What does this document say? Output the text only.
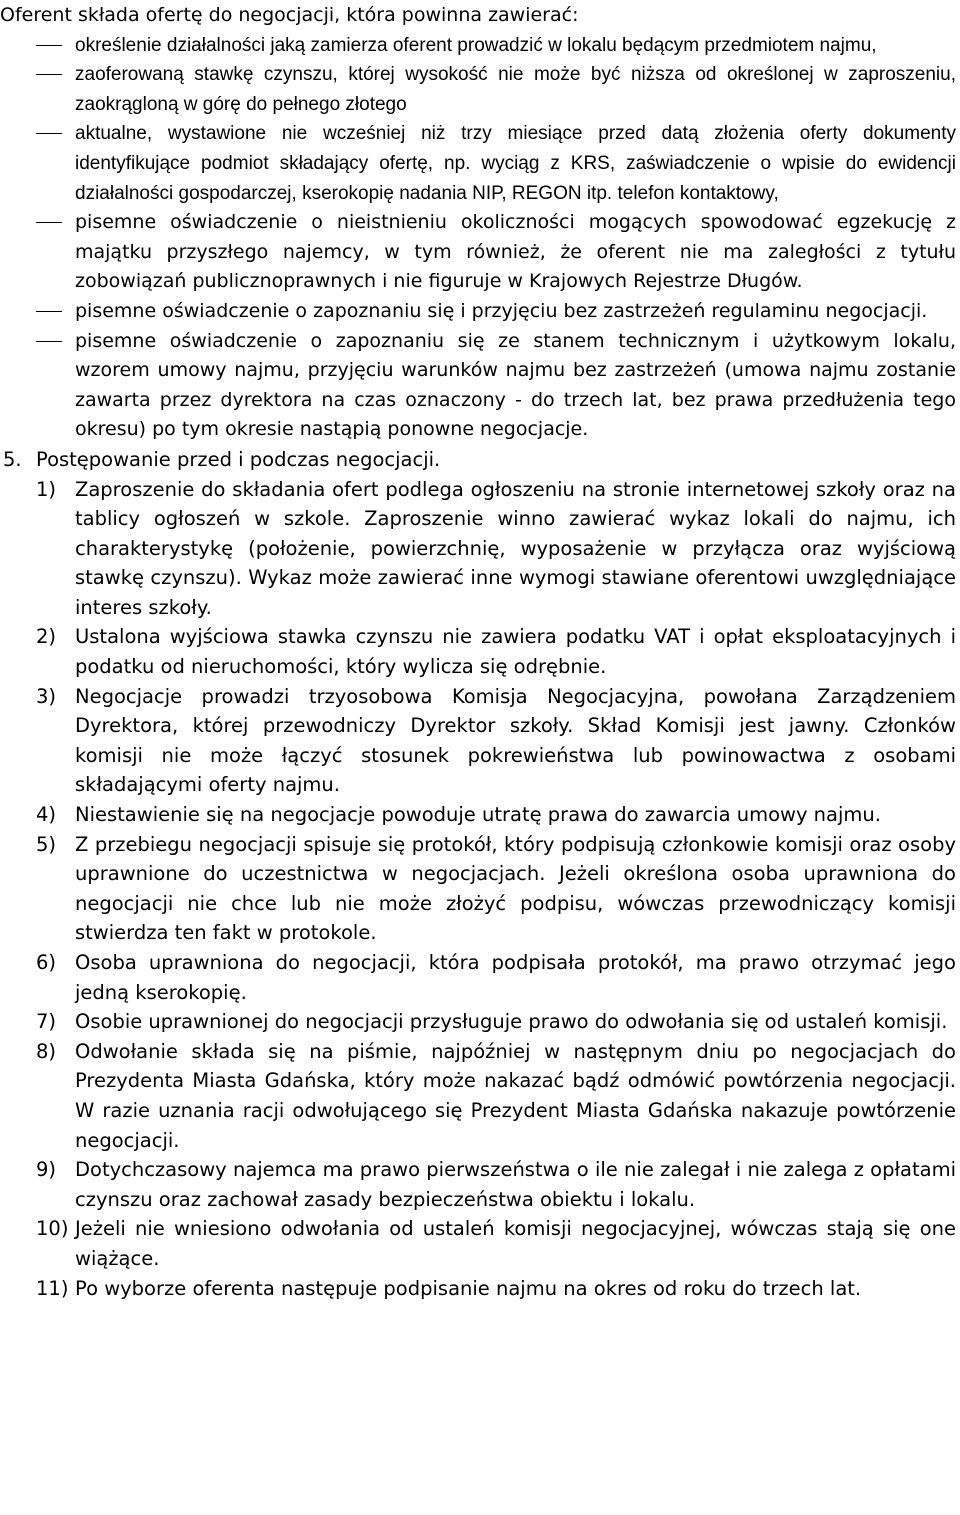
Oferent składa ofertę do negocjacji, która powinna zawierać:

określenie działalności jaką zamierza oferent prowadzić w lokalu będącym przedmiotem najmu,
zaoferowaną stawkę czynszu, której wysokość nie może być niższa od określonej w zaproszeniu, zaokrągloną w górę do pełnego złotego
aktualne, wystawione nie wcześniej niż trzy miesiące przed datą złożenia oferty dokumenty identyfikujące podmiot składający ofertę, np. wyciąg z KRS, zaświadczenie o wpisie do ewidencji działalności gospodarczej, kserokopię nadania NIP, REGON itp. telefon kontaktowy,
pisemne oświadczenie o nieistnieniu okoliczności mogących spowodować egzekucję z majątku przyszłego najemcy, w tym również, że oferent nie ma zaległości z tytułu zobowiązań publicznoprawnych i nie figuruje w Krajowych Rejestrze Długów.
pisemne oświadczenie o zapoznaniu się i przyjęciu bez zastrzeżeń regulaminu negocjacji.
pisemne oświadczenie o zapoznaniu się ze stanem technicznym i użytkowym lokalu, wzorem umowy najmu, przyjęciu warunków najmu bez zastrzeżeń (umowa najmu zostanie zawarta przez dyrektora na czas oznaczony - do trzech lat, bez prawa przedłużenia tego okresu) po tym okresie nastąpią ponowne negocjacje.
5. Postępowanie przed i podczas negocjacji.
1) Zaproszenie do składania ofert podlega ogłoszeniu na stronie internetowej szkoły oraz na tablicy ogłoszeń w szkole. Zaproszenie winno zawierać wykaz lokali do najmu, ich charakterystykę (położenie, powierzchnię, wyposażenie w przyłącza oraz wyjściową stawkę czynszu). Wykaz może zawierać inne wymogi stawiane oferentowi uwzględniające interes szkoły.
2) Ustalona wyjściowa stawka czynszu nie zawiera podatku VAT i opłat eksploatacyjnych i podatku od nieruchomości, który wylicza się odrębnie.
3) Negocjacje prowadzi trzyosobowa Komisja Negocjacyjna, powołana Zarządzeniem Dyrektora, której przewodniczy Dyrektor szkoły. Skład Komisji jest jawny. Członków komisji nie może łączyć stosunek pokrewieństwa lub powinowactwa z osobami składającymi oferty najmu.
4) Niestawienie się na negocjacje powoduje utratę prawa do zawarcia umowy najmu.
5) Z przebiegu negocjacji spisuje się protokół, który podpisują członkowie komisji oraz osoby uprawnione do uczestnictwa w negocjacjach. Jeżeli określona osoba uprawniona do negocjacji nie chce lub nie może złożyć podpisu, wówczas przewodniczący komisji stwierdza ten fakt w protokole.
6) Osoba uprawniona do negocjacji, która podpisała protokół, ma prawo otrzymać jego jedną kserokopię.
7) Osobie uprawnionej do negocjacji przysługuje prawo do odwołania się od ustaleń komisji.
8) Odwołanie składa się na piśmie, najpóźniej w następnym dniu po negocjacjach do Prezydenta Miasta Gdańska, który może nakazać bądź odmówić powtórzenia negocjacji. W razie uznania racji odwołującego się Prezydent Miasta Gdańska nakazuje powtórzenie negocjacji.
9) Dotychczasowy najemca ma prawo pierwszeństwa o ile nie zalegał i nie zalega z opłatami czynszu oraz zachował zasady bezpieczeństwa obiektu i lokalu.
10) Jeżeli nie wniesiono odwołania od ustaleń komisji negocjacyjnej, wówczas stają się one wiążące.
11) Po wyborze oferenta następuje podpisanie najmu na okres od roku do trzech lat.
